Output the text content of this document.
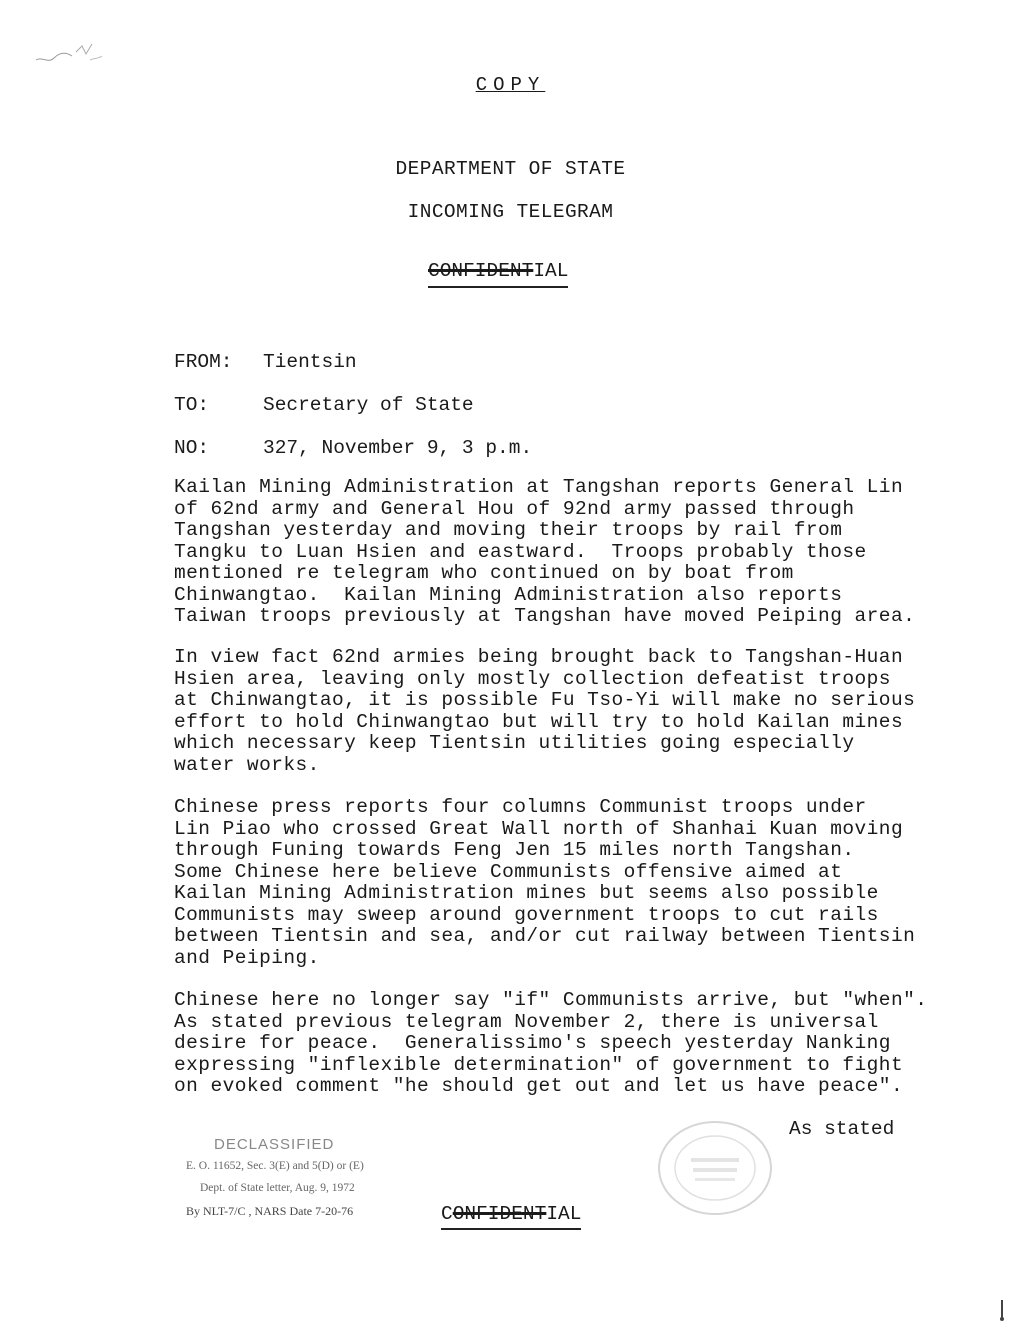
COPY
DEPARTMENT OF STATE
INCOMING TELEGRAM
CONFIDENTIAL
FROM: Tientsin
TO:	Secretary of State
NO:	327, November 9, 3 p.m.
Kailan Mining Administration at Tangshan reports General Lin
of 62nd army and General Hou of 92nd army passed through
Tangshan yesterday and moving their troops by rail from
Tangku to Luan Hsien and eastward.  Troops probably those
mentioned re telegram who continued on by boat from
Chinwangtao.  Kailan Mining Administration also reports
Taiwan troops previously at Tangshan have moved Peiping area.
In view fact 62nd armies being brought back to Tangshan-Huan
Hsien area, leaving only mostly collection defeatist troops
at Chinwangtao, it is possible Fu Tso-Yi will make no serious
effort to hold Chinwangtao but will try to hold Kailan mines
which necessary keep Tientsin utilities going especially
water works.
Chinese press reports four columns Communist troops under
Lin Piao who crossed Great Wall north of Shanhai Kuan moving
through Funing towards Feng Jen 15 miles north Tangshan.
Some Chinese here believe Communists offensive aimed at
Kailan Mining Administration mines but seems also possible
Communists may sweep around government troops to cut rails
between Tientsin and sea, and/or cut railway between Tientsin
and Peiping.
Chinese here no longer say "if" Communists arrive, but "when".
As stated previous telegram November 2, there is universal
desire for peace.  Generalissimo's speech yesterday Nanking
expressing "inflexible determination" of government to fight
on evoked comment "he should get out and let us have peace".
As stated
DECLASSIFIED
E. O. 11652, Sec. 3(E) and 5(D) or (E)
Dept. of State letter, Aug. 9, 1972
By NLT-7/C , NARS Date 7-20-76	CONFIDENTIAL
